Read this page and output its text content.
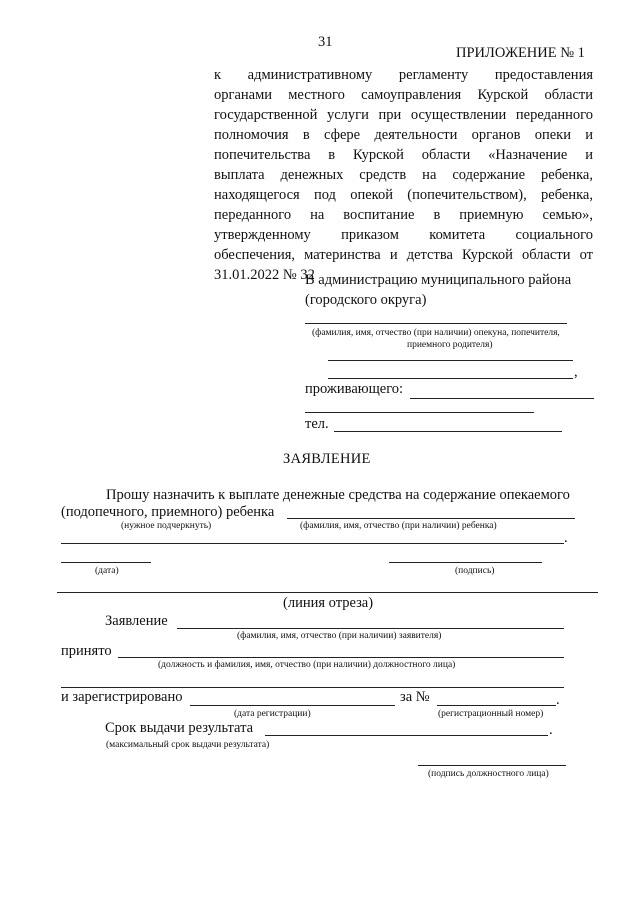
31
ПРИЛОЖЕНИЕ № 1
к административному регламенту предоставления
органами местного самоуправления Курской области
государственной услуги при осуществлении переданного
полномочия в сфере деятельности органов опеки и
попечительства в Курской области «Назначение и
выплата денежных средств на содержание ребенка,
находящегося под опекой (попечительством), ребенка,
переданного на воспитание в приемную семью»,
утвержденному приказом комитета социального
обеспечения, материнства и детства Курской области от
31.01.2022 № 32
В администрацию муниципального района
(городского округа)
(фамилия, имя, отчество (при наличии) опекуна, попечителя,
приемного родителя)
,
проживающего:
тел.
ЗАЯВЛЕНИЕ
Прошу назначить к выплате денежные средства на содержание опекаемого
(подопечного, приемного) ребенка
(нужное подчеркнуть)	(фамилия, имя, отчество (при наличии) ребенка)
.
(дата)	(подпись)
(линия отреза)
Заявление
(фамилия, имя, отчество (при наличии) заявителя)
принято
(должность и фамилия, имя, отчество (при наличии) должностного лица)
и зарегистрировано	за №	.
(дата регистрации)	(регистрационный номер)
Срок выдачи результата	.
(максимальный срок выдачи результата)
(подпись должностного лица)
